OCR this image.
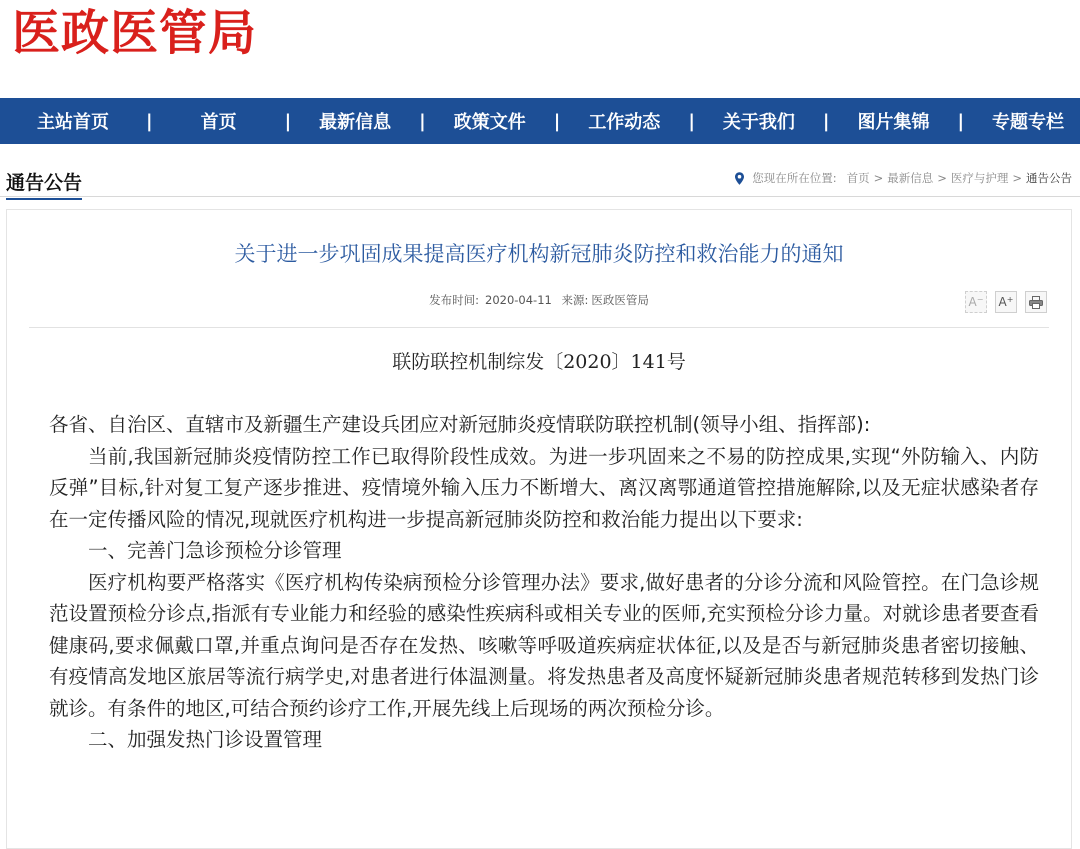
医政医管局
主站首页	|	首页	|	最新信息	|	政策文件	|	工作动态	|	关于我们	|	图片集锦	|	专题专栏
通告公告	您现在所在位置: 首页 > 最新信息 > 医疗与护理 > 通告公告
关于进一步巩固成果提高医疗机构新冠肺炎防控和救治能力的通知
发布时间: 2020-04-11 来源: 医政医管局	A− A+
联防联控机制综发〔2020〕141号

各省、自治区、直辖市及新疆生产建设兵团应对新冠肺炎疫情联防联控机制(领导小组、指挥部):

当前,我国新冠肺炎疫情防控工作已取得阶段性成效。为进一步巩固来之不易的防控成果,实现“外防输入、内防反弹”目标,针对复工复产逐步推进、疫情境外输入压力不断增大、离汉离鄂通道管控措施解除,以及无症状感染者存在一定传播风险的情况,现就医疗机构进一步提高新冠肺炎防控和救治能力提出以下要求:

一、完善门急诊预检分诊管理

医疗机构要严格落实《医疗机构传染病预检分诊管理办法》要求,做好患者的分诊分流和风险管控。在门急诊规范设置预检分诊点,指派有专业能力和经验的感染性疾病科或相关专业的医师,充实预检分诊力量。对就诊患者要查看健康码,要求佩戴口罩,并重点询问是否存在发热、咳嗽等呼吸道疾病症状体征,以及是否与新冠肺炎患者密切接触、有疫情高发地区旅居等流行病学史,对患者进行体温测量。将发热患者及高度怀疑新冠肺炎患者规范转移到发热门诊就诊。有条件的地区,可结合预约诊疗工作,开展先线上后现场的两次预检分诊。

二、加强发热门诊设置管理
